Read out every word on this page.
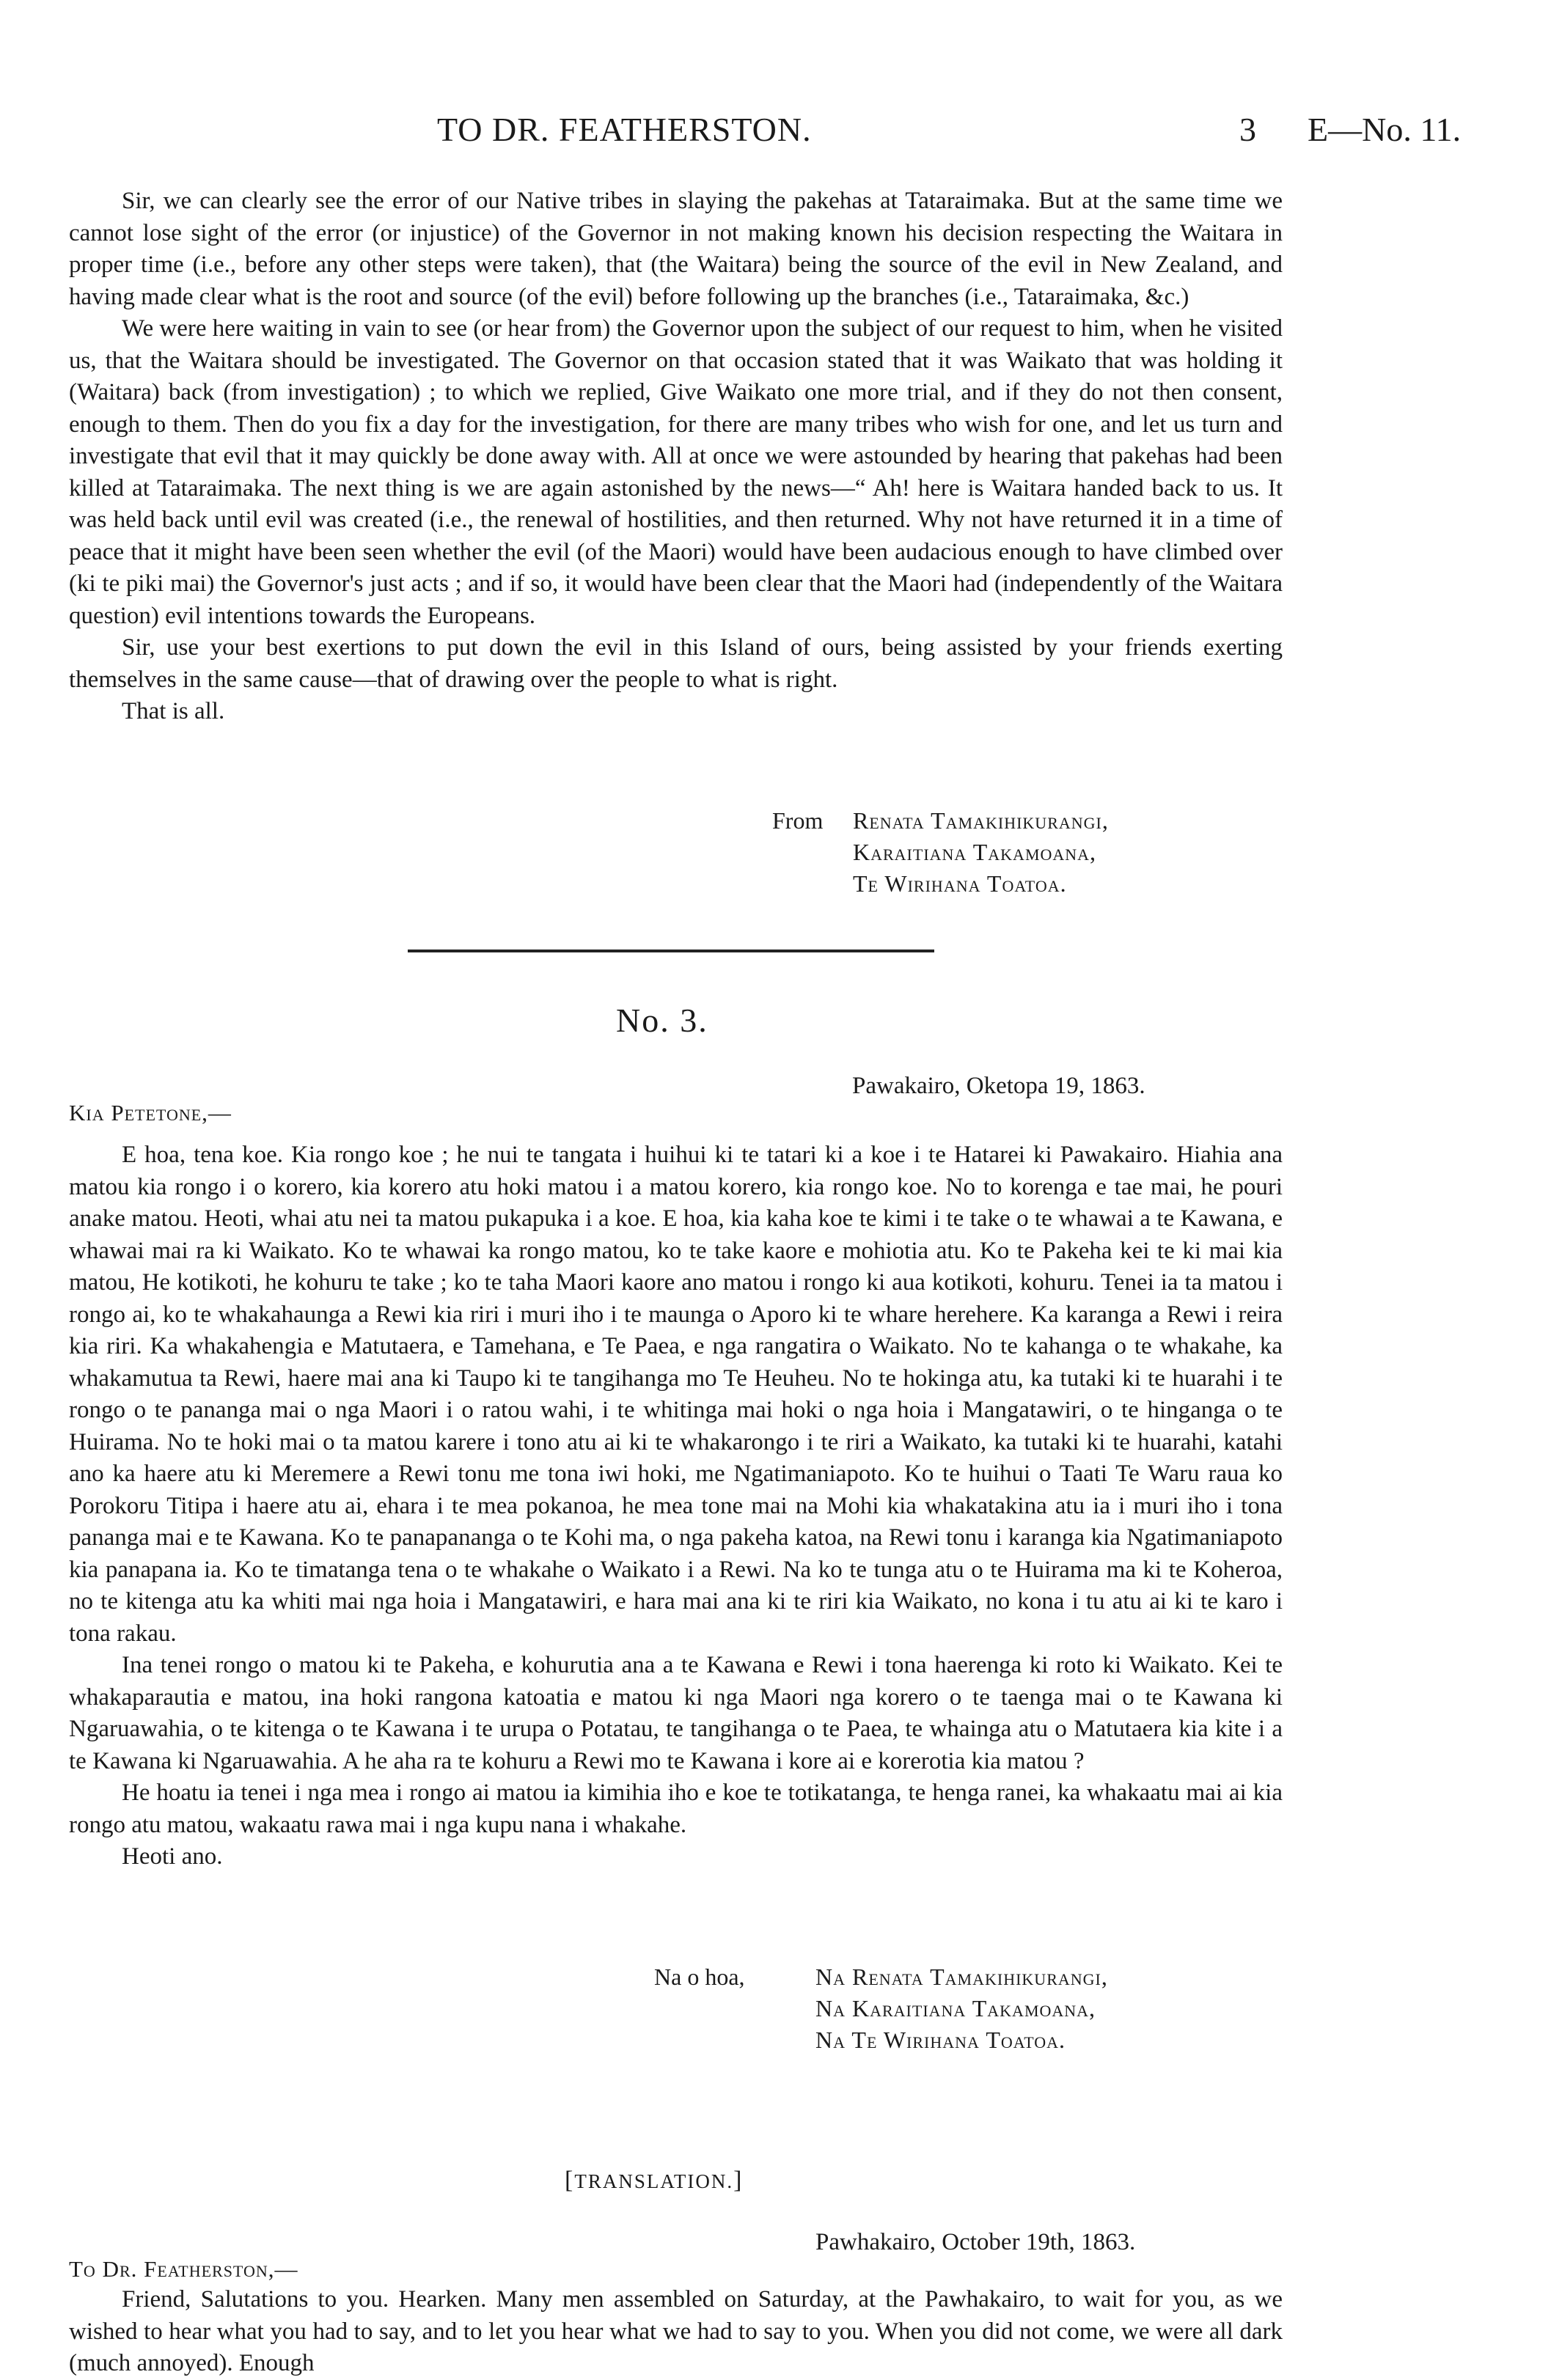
TO DR. FEATHERSTON.	3 E—No. 11.

Sir, we can clearly see the error of our Native tribes in slaying the pakehas at Tataraimaka. But at the same time we cannot lose sight of the error (or injustice) of the Governor in not making known his decision respecting the Waitara in proper time (i.e., before any other steps were taken), that (the Waitara) being the source of the evil in New Zealand, and having made clear what is the root and source (of the evil) before following up the branches (i.e., Tataraimaka, &c.)

We were here waiting in vain to see (or hear from) the Governor upon the subject of our request to him, when he visited us, that the Waitara should be investigated. The Governor on that occasion stated that it was Waikato that was holding it (Waitara) back (from investigation) ; to which we replied, Give Waikato one more trial, and if they do not then consent, enough to them. Then do you fix a day for the investigation, for there are many tribes who wish for one, and let us turn and investigate that evil that it may quickly be done away with. All at once we were astounded by hearing that pakehas had been killed at Tataraimaka. The next thing is we are again astonished by the news—“ Ah! here is Waitara handed back to us. It was held back until evil was created (i.e., the renewal of hostilities, and then returned. Why not have returned it in a time of peace that it might have been seen whether the evil (of the Maori) would have been audacious enough to have climbed over (ki te piki mai) the Governor's just acts ; and if so, it would have been clear that the Maori had (independently of the Waitara question) evil intentions towards the Europeans.

Sir, use your best exertions to put down the evil in this Island of ours, being assisted by your friends exerting themselves in the same cause—that of drawing over the people to what is right.

That is all.

From Renata Tamakihikurangi,
Karaitiana Takamoana,
Te Wirihana Toatoa.
No. 3.
Pawakairo, Oketopa 19, 1863.
Kia Petetone,—

E hoa, tena koe. Kia rongo koe ; he nui te tangata i huihui ki te tatari ki a koe i te Hatarei ki Pawakairo. Hiahia ana matou kia rongo i o korero, kia korero atu hoki matou i a matou korero, kia rongo koe. No to korenga e tae mai, he pouri anake matou. Heoti, whai atu nei ta matou pukapuka i a koe. E hoa, kia kaha koe te kimi i te take o te whawai a te Kawana, e whawai mai ra ki Waikato. Ko te whawai ka rongo matou, ko te take kaore e mohiotia atu. Ko te Pakeha kei te ki mai kia matou, He kotikoti, he kohuru te take ; ko te taha Maori kaore ano matou i rongo ki aua kotikoti, kohuru. Tenei ia ta matou i rongo ai, ko te whakahaunga a Rewi kia riri i muri iho i te maunga o Aporo ki te whare herehere. Ka karanga a Rewi i reira kia riri. Ka whakahengia e Matutaera, e Tamehana, e Te Paea, e nga rangatira o Waikato. No te kahanga o te whakahe, ka whakamutua ta Rewi, haere mai ana ki Taupo ki te tangihanga mo Te Heuheu. No te hokinga atu, ka tutaki ki te huarahi i te rongo o te pananga mai o nga Maori i o ratou wahi, i te whitinga mai hoki o nga hoia i Mangatawiri, o te hinganga o te Huirama. No te hoki mai o ta matou karere i tono atu ai ki te whakarongo i te riri a Waikato, ka tutaki ki te huarahi, katahi ano ka haere atu ki Meremere a Rewi tonu me tona iwi hoki, me Ngatimaniapoto. Ko te huihui o Taati Te Waru raua ko Porokoru Titipa i haere atu ai, ehara i te mea pokanoa, he mea tone mai na Mohi kia whakatakina atu ia i muri iho i tona pananga mai e te Kawana. Ko te panapananga o te Kohi ma, o nga pakeha katoa, na Rewi tonu i karanga kia Ngatimaniapoto kia panapana ia. Ko te timatanga tena o te whakahe o Waikato i a Rewi. Na ko te tunga atu o te Huirama ma ki te Koheroa, no te kitenga atu ka whiti mai nga hoia i Mangatawiri, e hara mai ana ki te riri kia Waikato, no kona i tu atu ai ki te karo i tona rakau.

Ina tenei rongo o matou ki te Pakeha, e kohurutia ana a te Kawana e Rewi i tona haerenga ki roto ki Waikato. Kei te whakaparautia e matou, ina hoki rangona katoatia e matou ki nga Maori nga korero o te taenga mai o te Kawana ki Ngaruawahia, o te kitenga o te Kawana i te urupa o Potatau, te tangihanga o te Paea, te whainga atu o Matutaera kia kite i a te Kawana ki Ngaruawahia. A he aha ra te kohuru a Rewi mo te Kawana i kore ai e korerotia kia matou ?

He hoatu ia tenei i nga mea i rongo ai matou ia kimihia iho e koe te totikatanga, te henga ranei, ka whakaatu mai ai kia rongo atu matou, wakaatu rawa mai i nga kupu nana i whakahe.

Heoti ano.

Na o hoa,	Na Renata Tamakihikurangi,
Na Karaitiana Takamoana,
Na Te Wirihana Toatoa.
[TRANSLATION.]
Pawhakairo, October 19th, 1863.
To Dr. Featherston,—

Friend, Salutations to you. Hearken. Many men assembled on Saturday, at the Pawhakairo, to wait for you, as we wished to hear what you had to say, and to let you hear what we had to say to you. When you did not come, we were all dark (much annoyed). Enough
